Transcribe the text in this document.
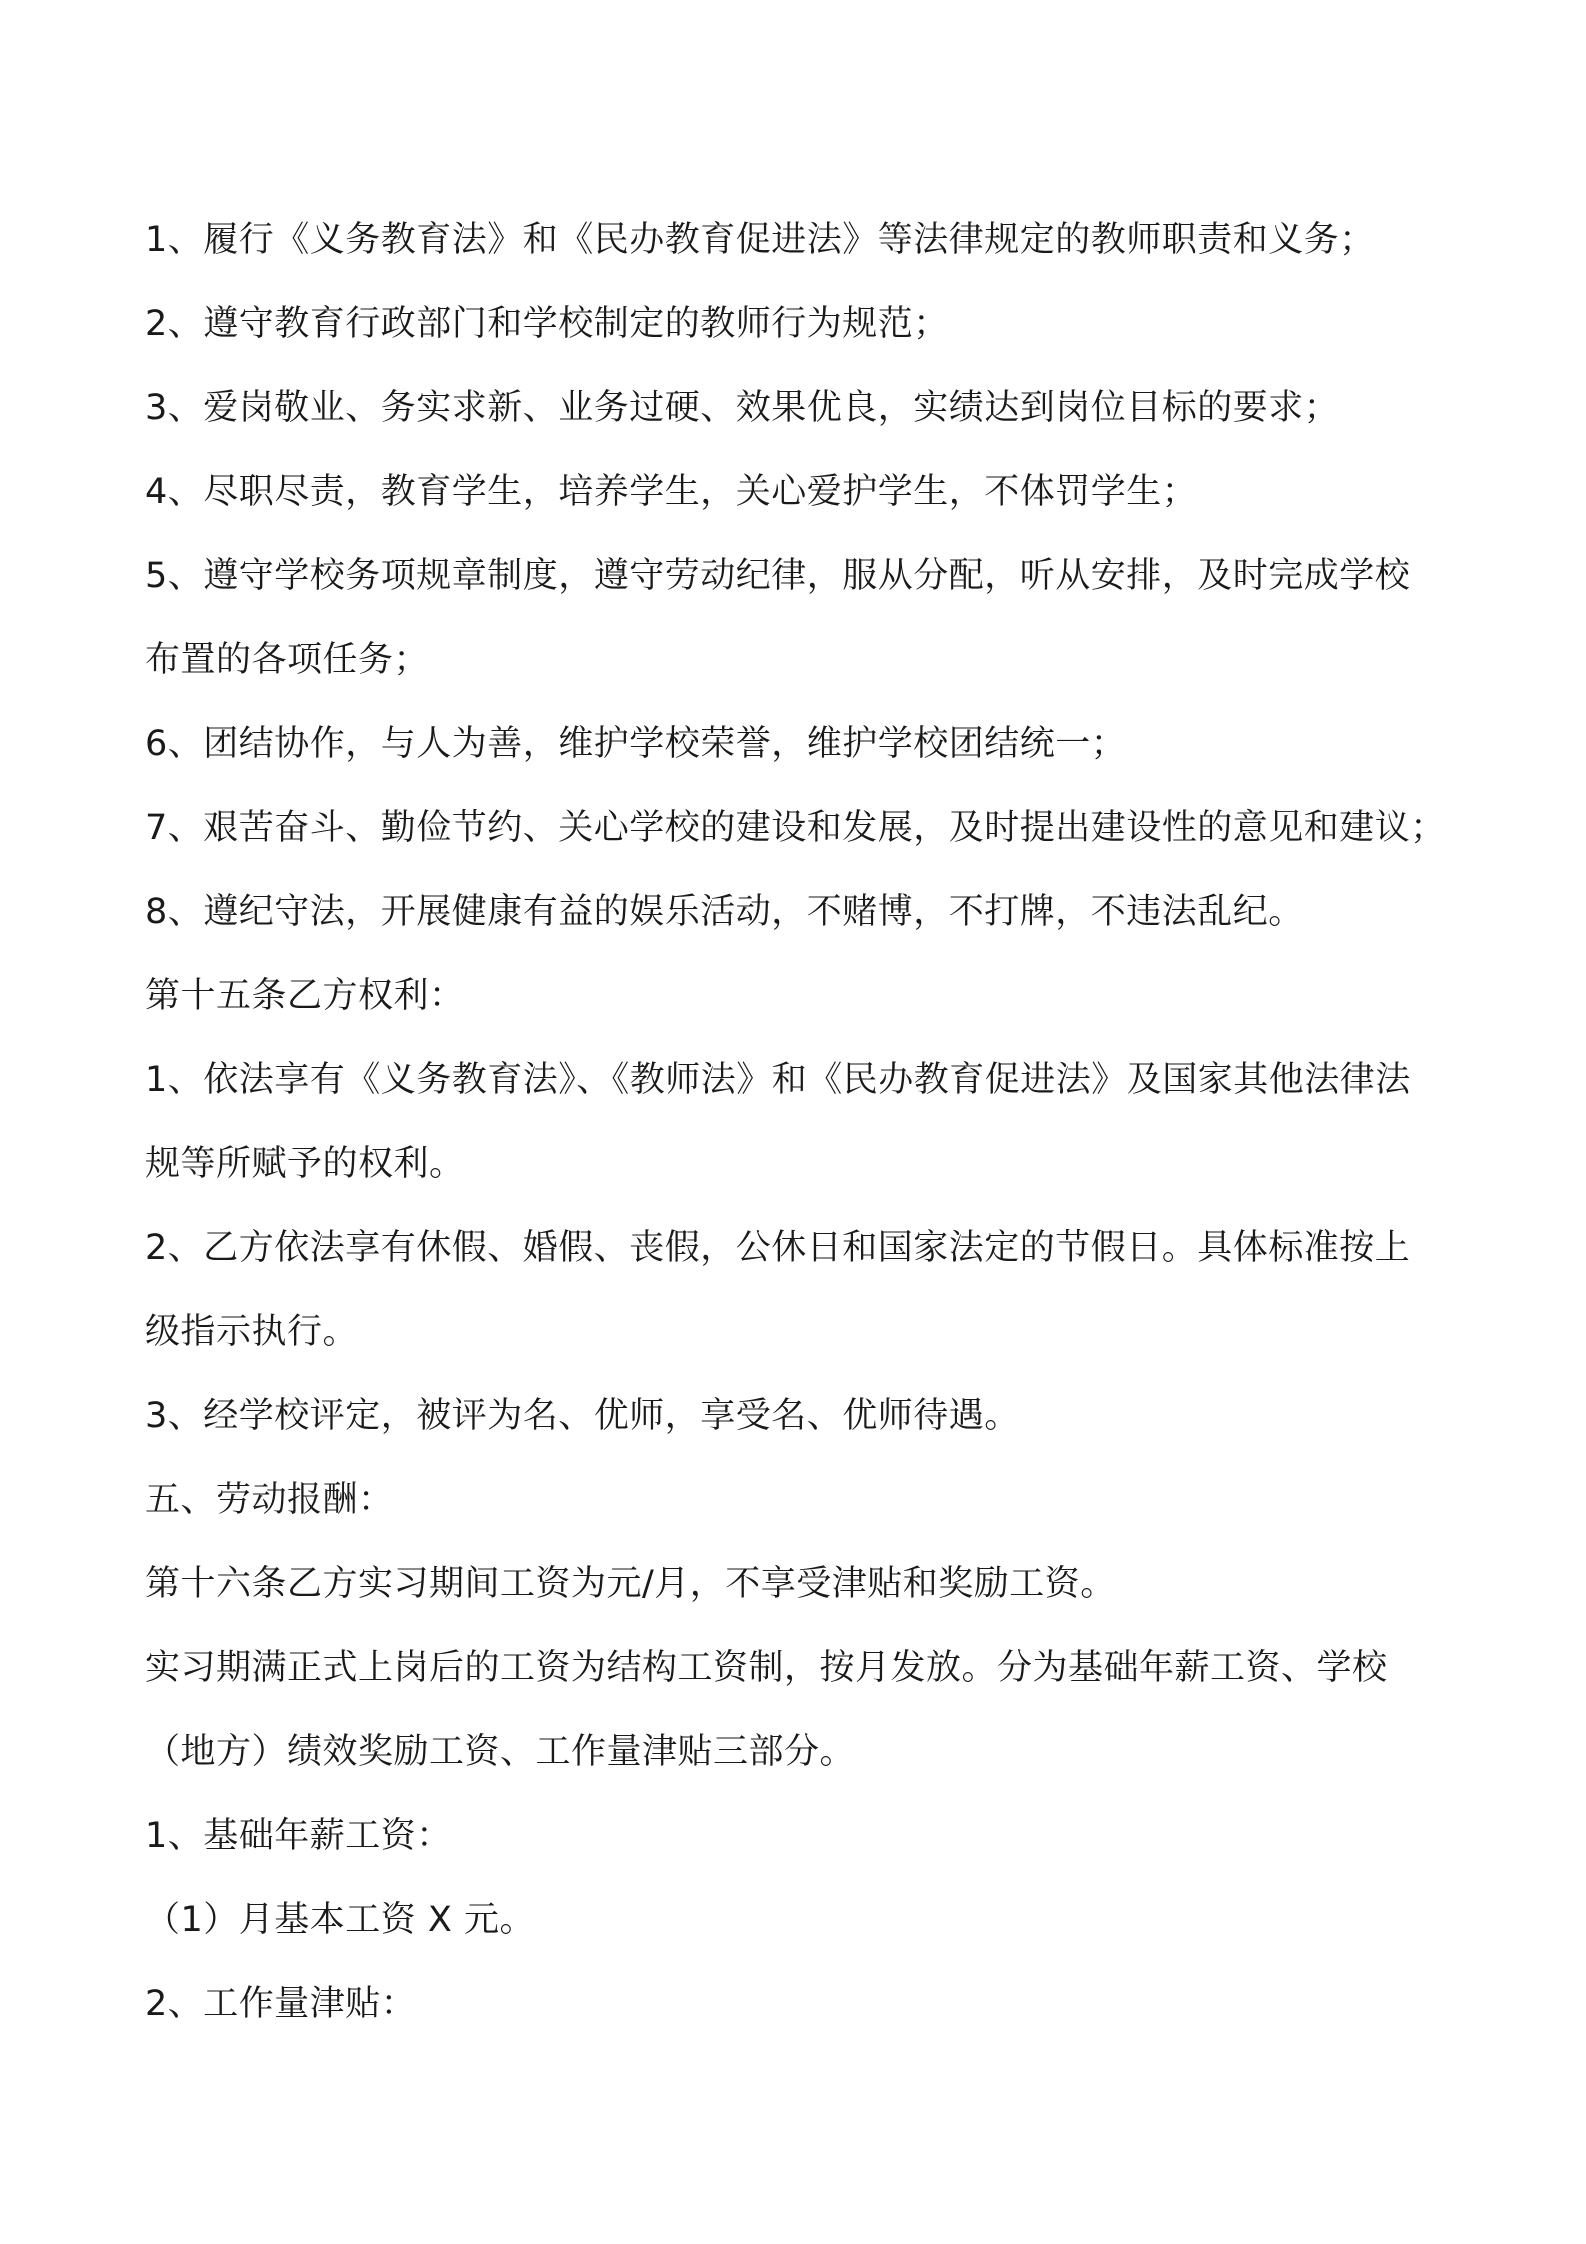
1、履行《义务教育法》和《民办教育促进法》等法律规定的教师职责和义务；
2、遵守教育行政部门和学校制定的教师行为规范；
3、爱岗敬业、务实求新、业务过硬、效果优良，实绩达到岗位目标的要求；
4、尽职尽责，教育学生，培养学生，关心爱护学生，不体罚学生；
5、遵守学校务项规章制度，遵守劳动纪律，服从分配，听从安排，及时完成学校
布置的各项任务；
6、团结协作，与人为善，维护学校荣誉，维护学校团结统一；
7、艰苦奋斗、勤俭节约、关心学校的建设和发展，及时提出建设性的意见和建议；
8、遵纪守法，开展健康有益的娱乐活动，不赌博，不打牌，不违法乱纪。
第十五条乙方权利：
1、依法享有《义务教育法》、《教师法》和《民办教育促进法》及国家其他法律法
规等所赋予的权利。
2、乙方依法享有休假、婚假、丧假，公休日和国家法定的节假日。具体标准按上
级指示执行。
3、经学校评定，被评为名、优师，享受名、优师待遇。
五、劳动报酬：
第十六条乙方实习期间工资为元/月，不享受津贴和奖励工资。
实习期满正式上岗后的工资为结构工资制，按月发放。分为基础年薪工资、学校
（地方）绩效奖励工资、工作量津贴三部分。
1、基础年薪工资：
（1）月基本工资 X 元。
2、工作量津贴：
